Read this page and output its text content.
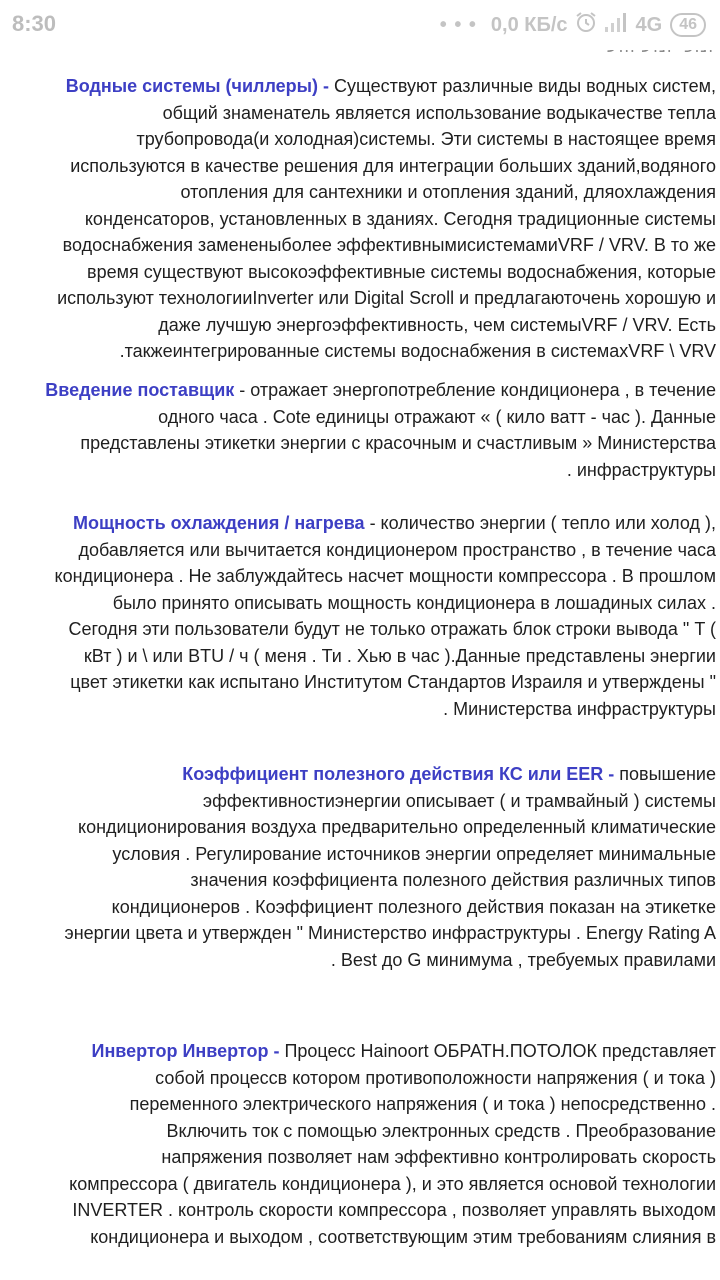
8:30	• • • 0,0 КБ/с	4G	46
Водные системы (чиллеры) - Существуют различные виды водных систем,
общий знаменатель является использование водыкачестве тепла
трубопровода(и холодная)системы. Эти системы в настоящее время
используются в качестве решения для интеграции больших зданий,водяного
отопления для сантехники и отопления зданий, дляохлаждения
конденсаторов, установленных в зданиях. Сегодня традиционные системы
водоснабжения замененыболее эффективнымисистемамиVRF / VRV. В то же
время существуют высокоэффективные системы водоснабжения, которые
используют технологииInverter или Digital Scroll и предлагаюточень хорошую и
даже лучшую энергоэффективность, чем системыVRF / VRV. Есть
.такжеинтегрированные системы водоснабжения в системахVRF \ VRV
Введение поставщик - отражает энергопотребление кондиционера , в течение
одного часа . Cote единицы отражают « ( кило ватт - час ). Данные
представлены этикетки энергии с красочным и счастливым » Министерства
. инфраструктуры
Мощность охлаждения / нагрева - количество энергии ( тепло или холод ),
добавляется или вычитается кондиционером пространство , в течение часа
кондиционера . Не заблуждайтесь насчет мощности компрессора . В прошлом
было принято описывать мощность кондиционера в лошадиных силах .
Сегодня эти пользователи будут не только отражать блок строки вывода " T (
кВт ) и \ или BTU / ч ( меня . Ти . Хью в час ).Данные представлены энергии
цвет этикетки как испытано Институтом Стандартов Израиля и утверждены "
. Министерства инфраструктуры
Коэффициент полезного действия КС или EER - повышение
эффективностиэнергии описывает ( и трамвайный ) системы
кондиционирования воздуха предварительно определенный климатические
условия . Регулирование источников энергии определяет минимальные
значения коэффициента полезного действия различных типов
кондиционеров . Коэффициент полезного действия показан на этикетке
энергии цвета и утвержден " Министерство инфраструктуры . Energy Rating A
. Best до G минимума , требуемых правилами
Инвертор Инвертор - Процесс Hainoort ОБРАТН.ПОТОЛОК представляет
собой процессв котором противоположности напряжения ( и тока )
переменного электрического напряжения ( и тока ) непосредственно .
Включить ток с помощью электронных средств . Преобразование
напряжения позволяет нам эффективно контролировать скорость
компрессора ( двигатель кондиционера ), и это является основой технологии
INVERTER . контроль скорости компрессора , позволяет управлять выходом
кондиционера и выходом , соответствующим этим требованиям слияния в
